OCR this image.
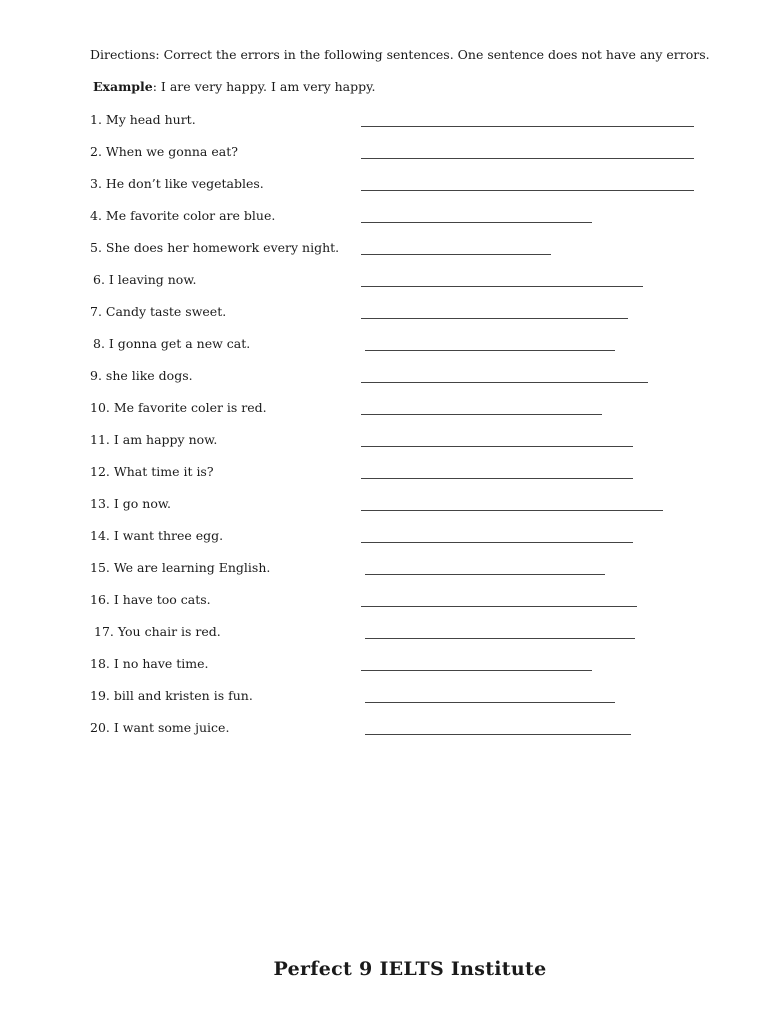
Directions: Correct the errors in the following sentences. One sentence does not have any errors.
Example: I are very happy. I am very happy.
1. My head hurt.
2. When we gonna eat?
3. He don’t like vegetables.
4. Me favorite color are blue.
5. She does her homework every night.
6. I leaving now.
7. Candy taste sweet.
8. I gonna get a new cat.
9. she like dogs.
10. Me favorite coler is red.
11. I am happy now.
12. What time it is?
13. I go now.
14. I want three egg.
15. We are learning English.
16. I have too cats.
17. You chair is red.
18. I no have time.
19. bill and kristen is fun.
20. I want some juice.
Perfect 9 IELTS Institute
